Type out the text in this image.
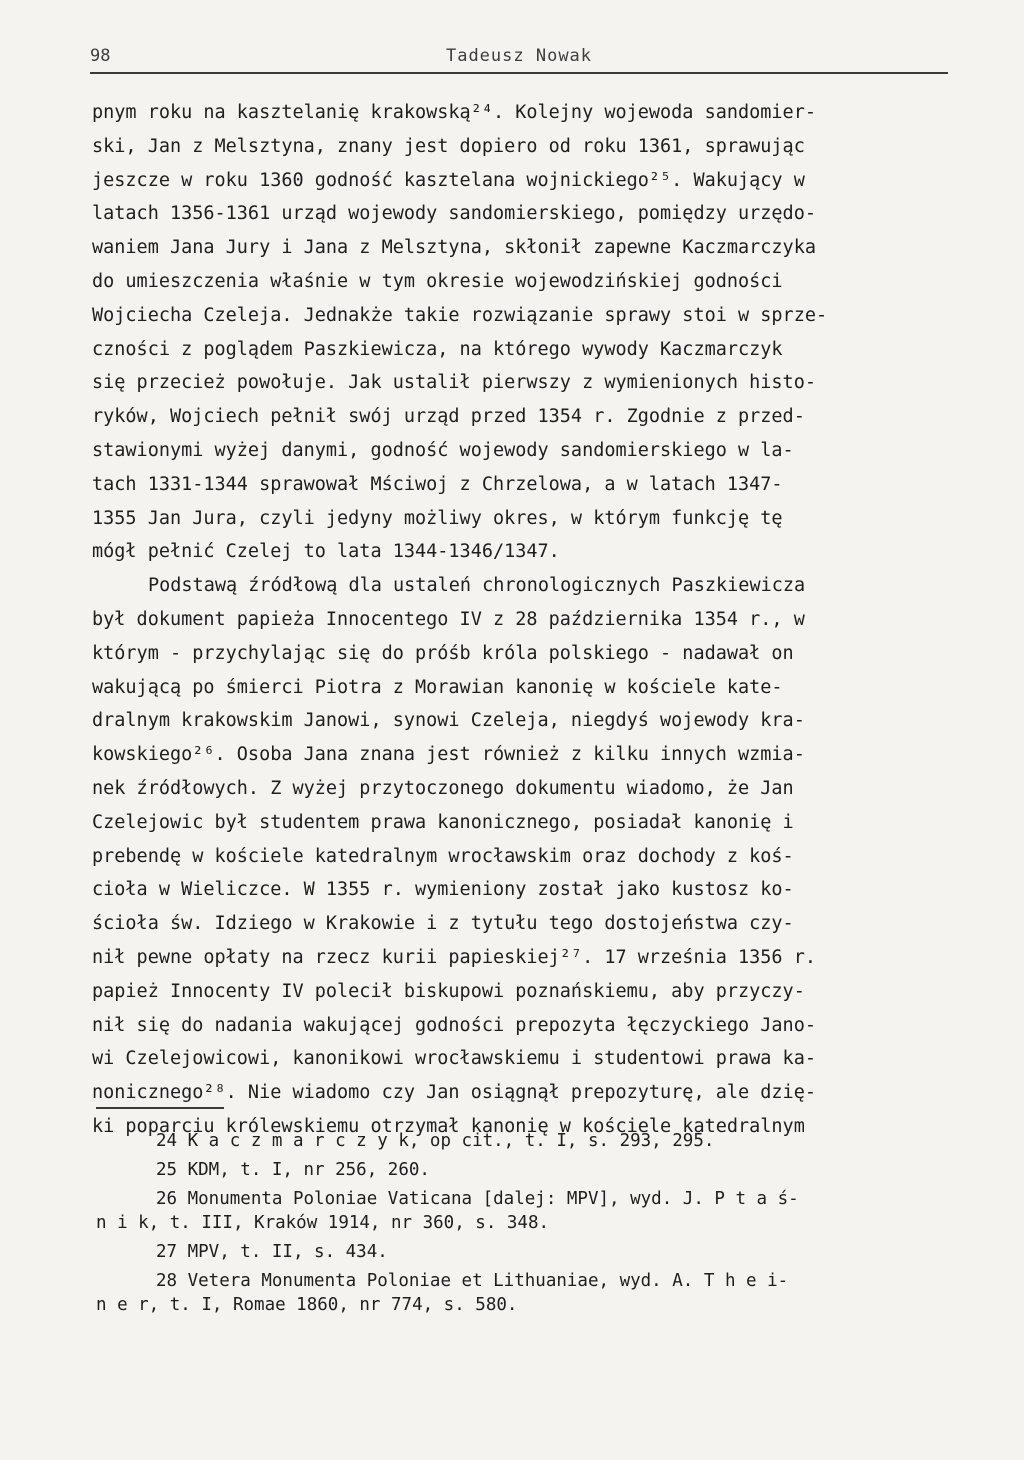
98	Tadeusz Nowak
pnym roku na kasztelanię krakowską²⁴. Kolejny wojewoda sandomier-
ski, Jan z Melsztyna, znany jest dopiero od roku 1361, sprawując
jeszcze w roku 1360 godność kasztelana wojnickiego²⁵. Wakujący w
latach 1356-1361 urząd wojewody sandomierskiego, pomiędzy urzędo-
waniem Jana Jury i Jana z Melsztyna, skłonił zapewne Kaczmarczyka
do umieszczenia właśnie w tym okresie wojewodzińskiej godności
Wojciecha Czeleja. Jednakże takie rozwiązanie sprawy stoi w sprze-
czności z poglądem Paszkiewicza, na którego wywody Kaczmarczyk
się przecież powołuje. Jak ustalił pierwszy z wymienionych histo-
ryków, Wojciech pełnił swój urząd przed 1354 r. Zgodnie z przed-
stawionymi wyżej danymi, godność wojewody sandomierskiego w la-
tach 1331-1344 sprawował Mściwoj z Chrzelowa, a w latach 1347-
1355 Jan Jura, czyli jedyny możliwy okres, w którym funkcję tę
mógł pełnić Czelej to lata 1344-1346/1347.
Podstawą źródłową dla ustaleń chronologicznych Paszkiewicza
był dokument papieża Innocentego IV z 28 października 1354 r., w
którym - przychylając się do próśb króla polskiego - nadawał on
wakującą po śmierci Piotra z Morawian kanonię w kościele kate-
dralnym krakowskim Janowi, synowi Czeleja, niegdyś wojewody kra-
kowskiego²⁶. Osoba Jana znana jest również z kilku innych wzmia-
nek źródłowych. Z wyżej przytoczonego dokumentu wiadomo, że Jan
Czelejowic był studentem prawa kanonicznego, posiadał kanonię i
prebendę w kościele katedralnym wrocławskim oraz dochody z koś-
cioła w Wieliczce. W 1355 r. wymieniony został jako kustosz ko-
ścioła św. Idziego w Krakowie i z tytułu tego dostojeństwa czy-
nił pewne opłaty na rzecz kurii papieskiej²⁷. 17 września 1356 r.
papież Innocenty IV polecił biskupowi poznańskiemu, aby przyczy-
nił się do nadania wakującej godności prepozyta łęczyckiego Jano-
wi Czelejowicowi, kanonikowi wrocławskiemu i studentowi prawa ka-
nonicznego²⁸. Nie wiadomo czy Jan osiągnął prepozyturę, ale dzię-
ki poparciu królewskiemu otrzymał kanonię w kościele katedralnym
24 K a c z m a r c z y k, op cit., t. I, s. 293, 295.
25 KDM, t. I, nr 256, 260.
26 Monumenta Poloniae Vaticana [dalej: MPV], wyd. J. P t a ś-
n i k, t. III, Kraków 1914, nr 360, s. 348.
27 MPV, t. II, s. 434.
28 Vetera Monumenta Poloniae et Lithuaniae, wyd. A. T h e i-
n e r, t. I, Romae 1860, nr 774, s. 580.
